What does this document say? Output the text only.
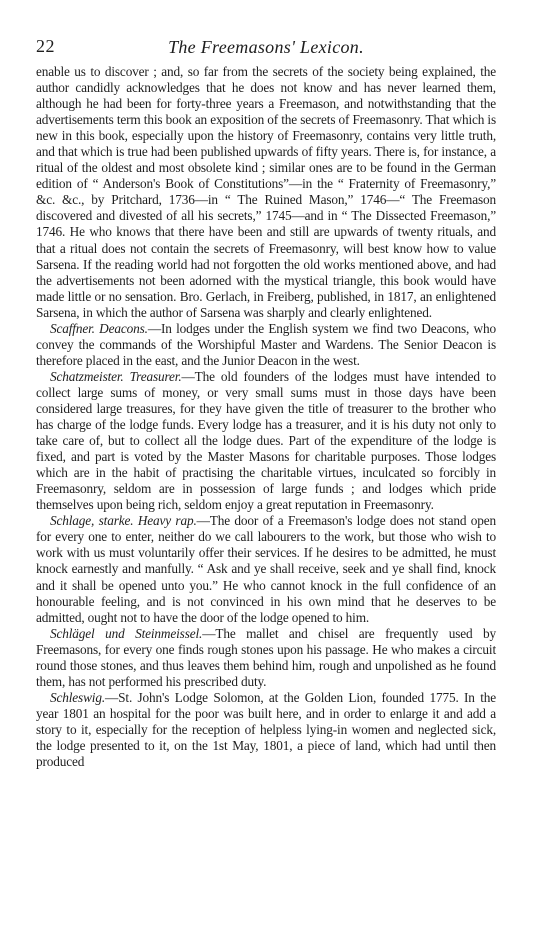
22	The Freemasons' Lexicon.

enable us to discover ; and, so far from the secrets of the society being explained, the author candidly acknowledges that he does not know and has never learned them, although he had been for forty-three years a Freemason, and notwithstanding that the advertisements term this book an exposition of the secrets of Freemasonry. That which is new in this book, especially upon the history of Freemasonry, contains very little truth, and that which is true had been published upwards of fifty years. There is, for instance, a ritual of the oldest and most obsolete kind ; similar ones are to be found in the German edition of “ Anderson's Book of Constitutions”—in the “ Fraternity of Freemasonry,” &c. &c., by Pritchard, 1736—in “ The Ruined Mason,” 1746—“ The Freemason discovered and divested of all his secrets,” 1745—and in “ The Dissected Freemason,” 1746. He who knows that there have been and still are upwards of twenty rituals, and that a ritual does not contain the secrets of Freemasonry, will best know how to value Sarsena. If the reading world had not forgotten the old works mentioned above, and had the advertisements not been adorned with the mystical triangle, this book would have made little or no sensation. Bro. Gerlach, in Freiberg, published, in 1817, an enlightened Sarsena, in which the author of Sarsena was sharply and clearly enlightened.

Scaffner. Deacons.—In lodges under the English system we find two Deacons, who convey the commands of the Worshipful Master and Wardens. The Senior Deacon is therefore placed in the east, and the Junior Deacon in the west.

Schatzmeister. Treasurer.—The old founders of the lodges must have intended to collect large sums of money, or very small sums must in those days have been considered large treasures, for they have given the title of treasurer to the brother who has charge of the lodge funds. Every lodge has a treasurer, and it is his duty not only to take care of, but to collect all the lodge dues. Part of the expenditure of the lodge is fixed, and part is voted by the Master Masons for charitable purposes. Those lodges which are in the habit of practising the charitable virtues, inculcated so forcibly in Freemasonry, seldom are in possession of large funds ; and lodges which pride themselves upon being rich, seldom enjoy a great reputation in Freemasonry.

Schlage, starke. Heavy rap.—The door of a Freemason's lodge does not stand open for every one to enter, neither do we call labourers to the work, but those who wish to work with us must voluntarily offer their services. If he desires to be admitted, he must knock earnestly and manfully. “ Ask and ye shall receive, seek and ye shall find, knock and it shall be opened unto you.” He who cannot knock in the full confidence of an honourable feeling, and is not convinced in his own mind that he deserves to be admitted, ought not to have the door of the lodge opened to him.

Schlägel und Steinmeissel.—The mallet and chisel are frequently used by Freemasons, for every one finds rough stones upon his passage. He who makes a circuit round those stones, and thus leaves them behind him, rough and unpolished as he found them, has not performed his prescribed duty.

Schleswig.—St. John's Lodge Solomon, at the Golden Lion, founded 1775. In the year 1801 an hospital for the poor was built here, and in order to enlarge it and add a story to it, especially for the reception of helpless lying-in women and neglected sick, the lodge presented to it, on the 1st May, 1801, a piece of land, which had until then produced
